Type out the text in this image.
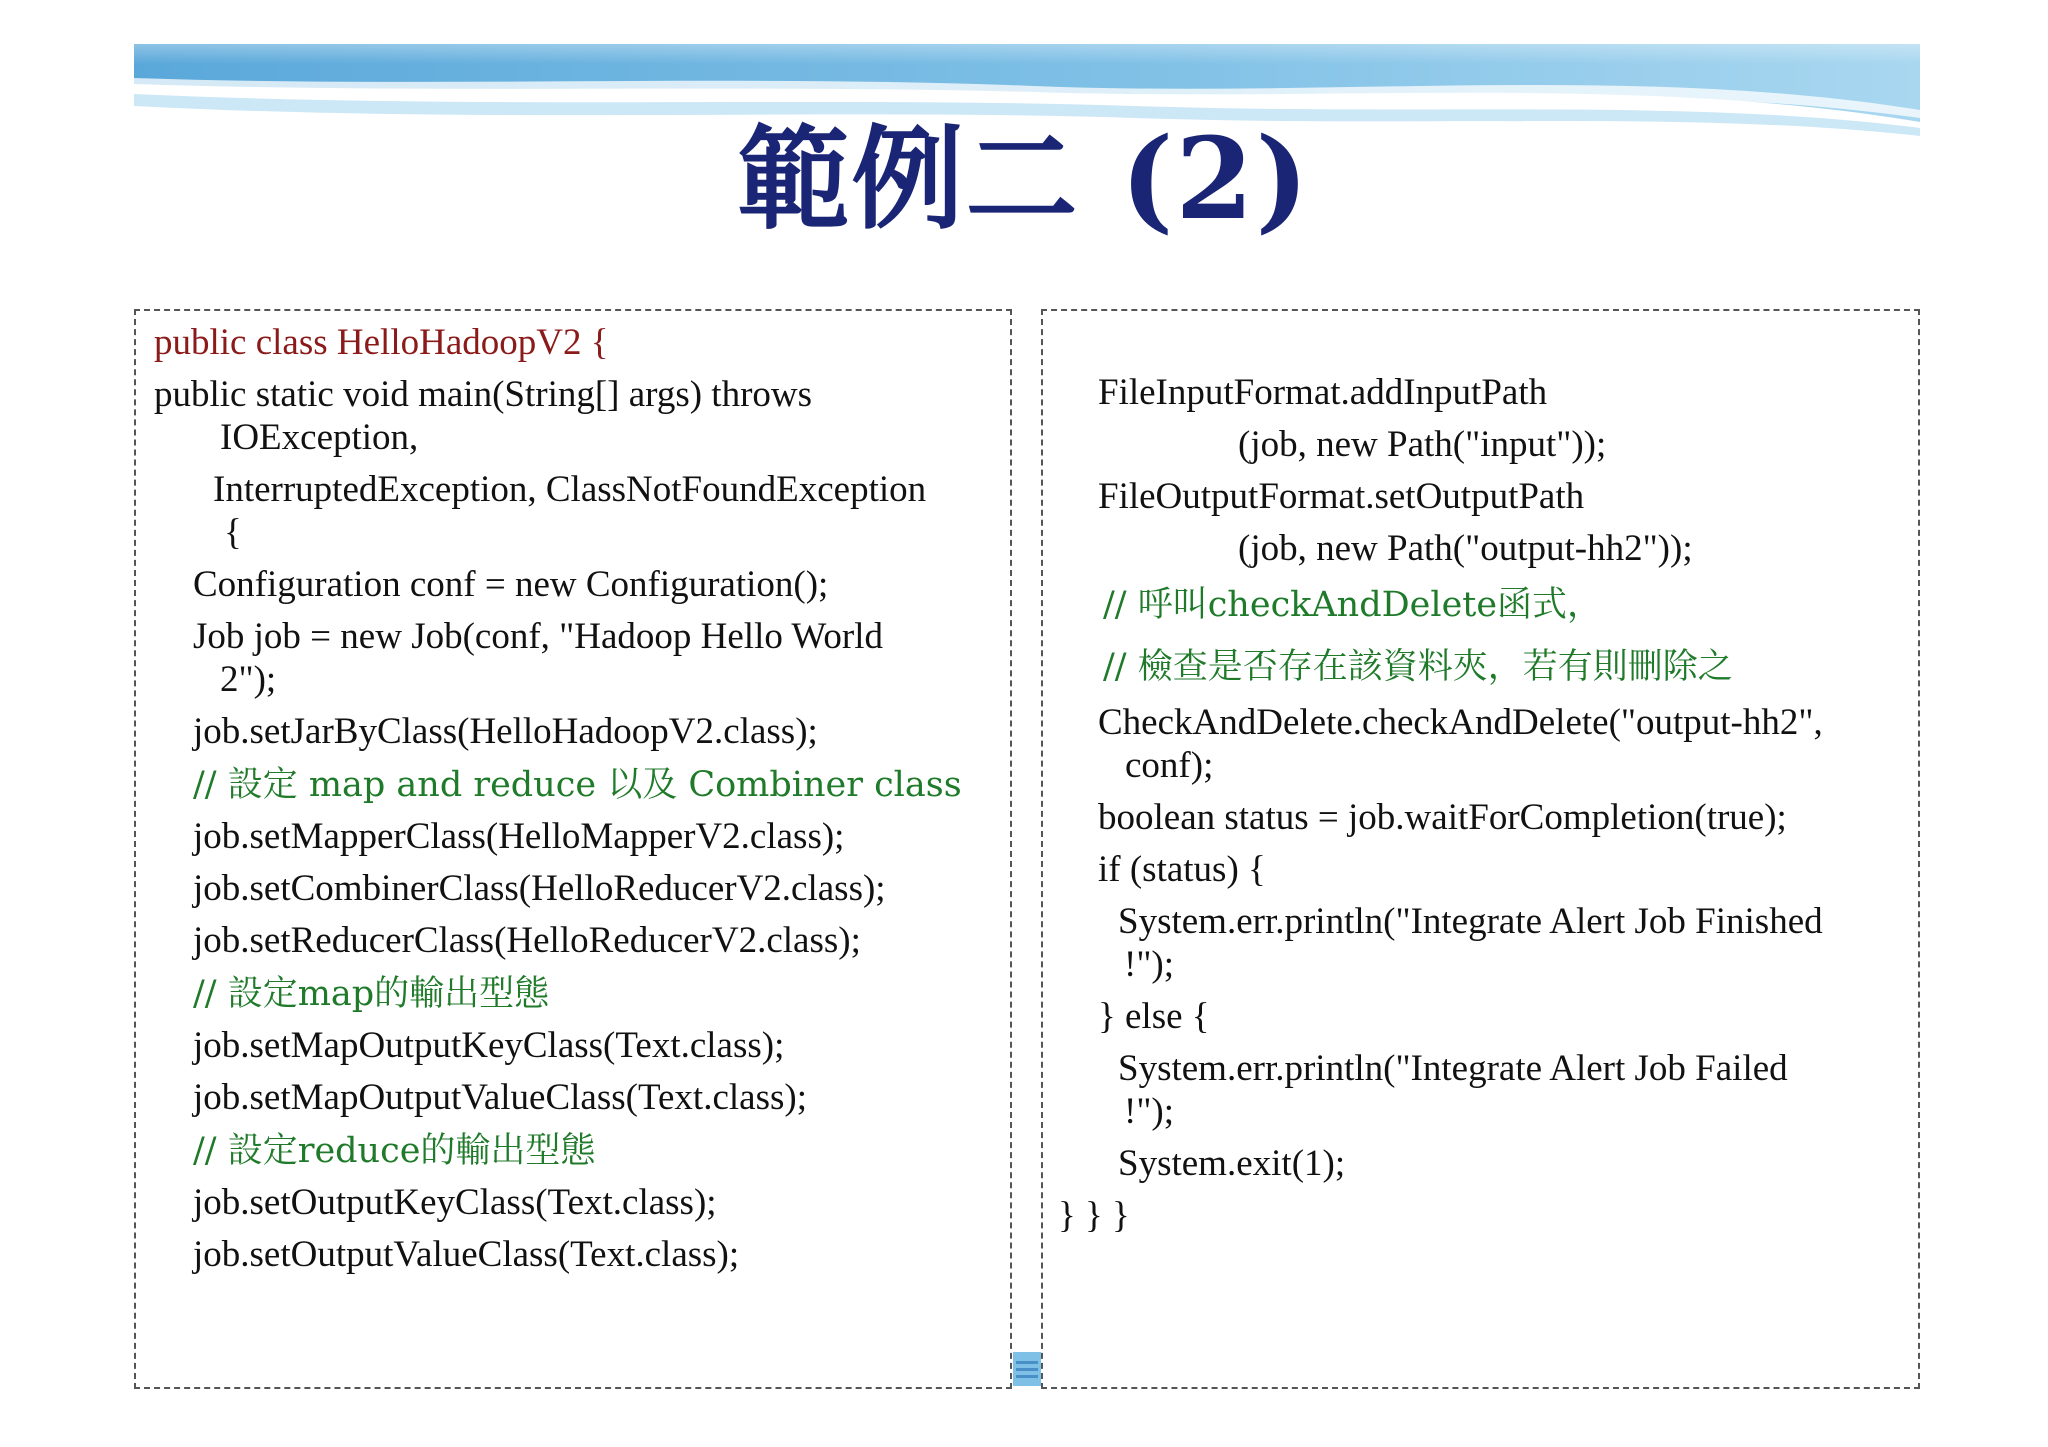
範例二 (2)
public class HelloHadoopV2 {
public static void main(String[] args) throws
IOException,
InterruptedException, ClassNotFoundException
{
Configuration conf = new Configuration();
Job job = new Job(conf, "Hadoop Hello World
2");
job.setJarByClass(HelloHadoopV2.class);
// 設定 map and reduce 以及 Combiner class
job.setMapperClass(HelloMapperV2.class);
job.setCombinerClass(HelloReducerV2.class);
job.setReducerClass(HelloReducerV2.class);
// 設定map的輸出型態
job.setMapOutputKeyClass(Text.class);
job.setMapOutputValueClass(Text.class);
// 設定reduce的輸出型態
job.setOutputKeyClass(Text.class);
job.setOutputValueClass(Text.class);
FileInputFormat.addInputPath
(job, new Path("input"));
FileOutputFormat.setOutputPath
(job, new Path("output-hh2"));
// 呼叫checkAndDelete函式，
// 檢查是否存在該資料夾，若有則刪除之
CheckAndDelete.checkAndDelete("output-hh2",
conf);
boolean status = job.waitForCompletion(true);
if (status) {
System.err.println("Integrate Alert Job Finished
!");
} else {
System.err.println("Integrate Alert Job Failed
!");
System.exit(1);
} } }
